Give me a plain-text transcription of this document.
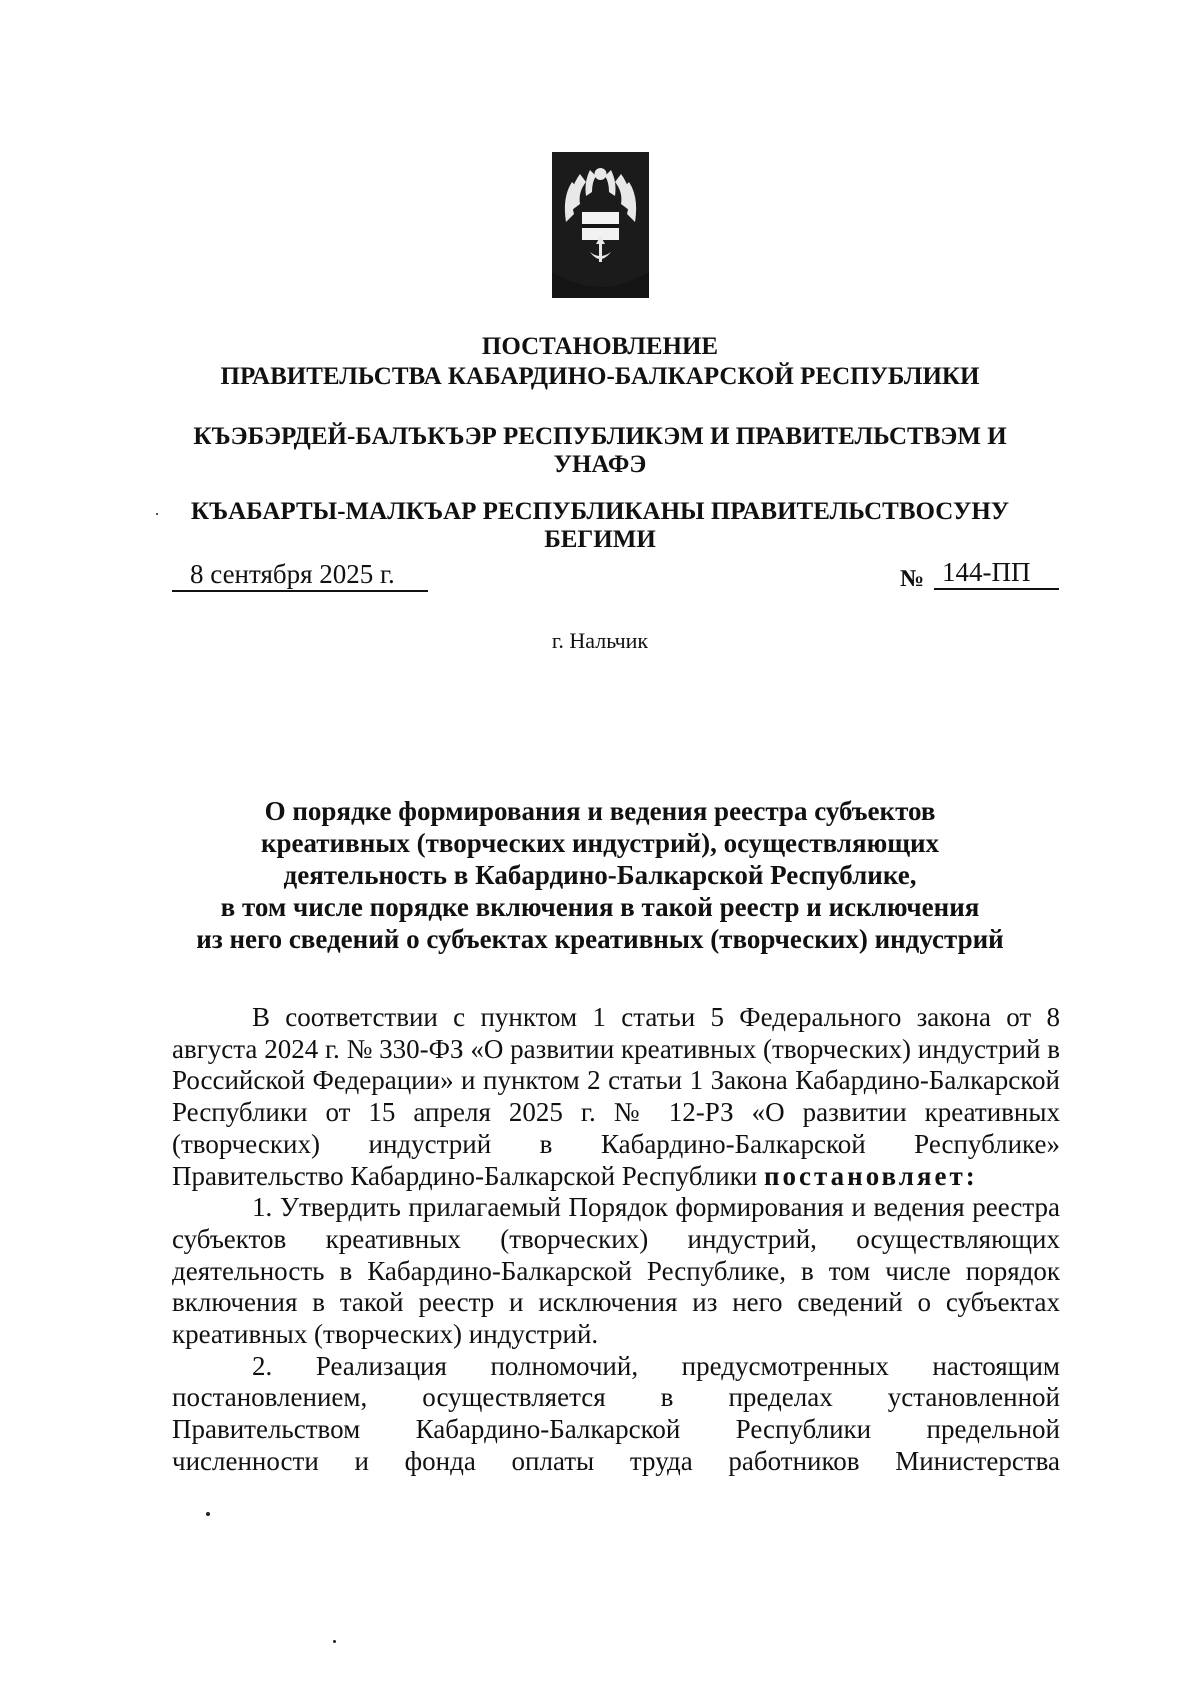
ПОСТАНОВЛЕНИЕ
ПРАВИТЕЛЬСТВА КАБАРДИНО-БАЛКАРСКОЙ РЕСПУБЛИКИ
КЪЭБЭРДЕЙ-БАЛЪКЪЭР РЕСПУБЛИКЭМ И ПРАВИТЕЛЬСТВЭМ И
УНАФЭ
КЪАБАРТЫ-МАЛКЪАР РЕСПУБЛИКАНЫ ПРАВИТЕЛЬСТВОСУНУ
БЕГИМИ
8 сентября 2025 г.	№ 144-ПП
г. Нальчик
О порядке формирования и ведения реестра субъектов
креативных (творческих индустрий), осуществляющих
деятельность в Кабардино-Балкарской Республике,
в том числе порядке включения в такой реестр и исключения
из него сведений о субъектах креативных (творческих) индустрий

В соответствии с пунктом 1 статьи 5 Федерального закона от 8 августа 2024 г. № 330-ФЗ «О развитии креативных (творческих) индустрий в Российской Федерации» и пунктом 2 статьи 1 Закона Кабардино-Балкарской Республики от 15 апреля 2025 г. № 12-РЗ «О развитии креативных (творческих) индустрий в Кабардино-Балкарской Республике» Правительство Кабардино-Балкарской Республики постановляет:

1. Утвердить прилагаемый Порядок формирования и ведения реестра субъектов креативных (творческих) индустрий, осуществляющих деятельность в Кабардино-Балкарской Республике, в том числе порядок включения в такой реестр и исключения из него сведений о субъектах креативных (творческих) индустрий.

2. Реализация полномочий, предусмотренных настоящим постановлением, осуществляется в пределах установленной Правительством Кабардино-Балкарской Республики предельной численности и фонда оплаты труда работников Министерства
